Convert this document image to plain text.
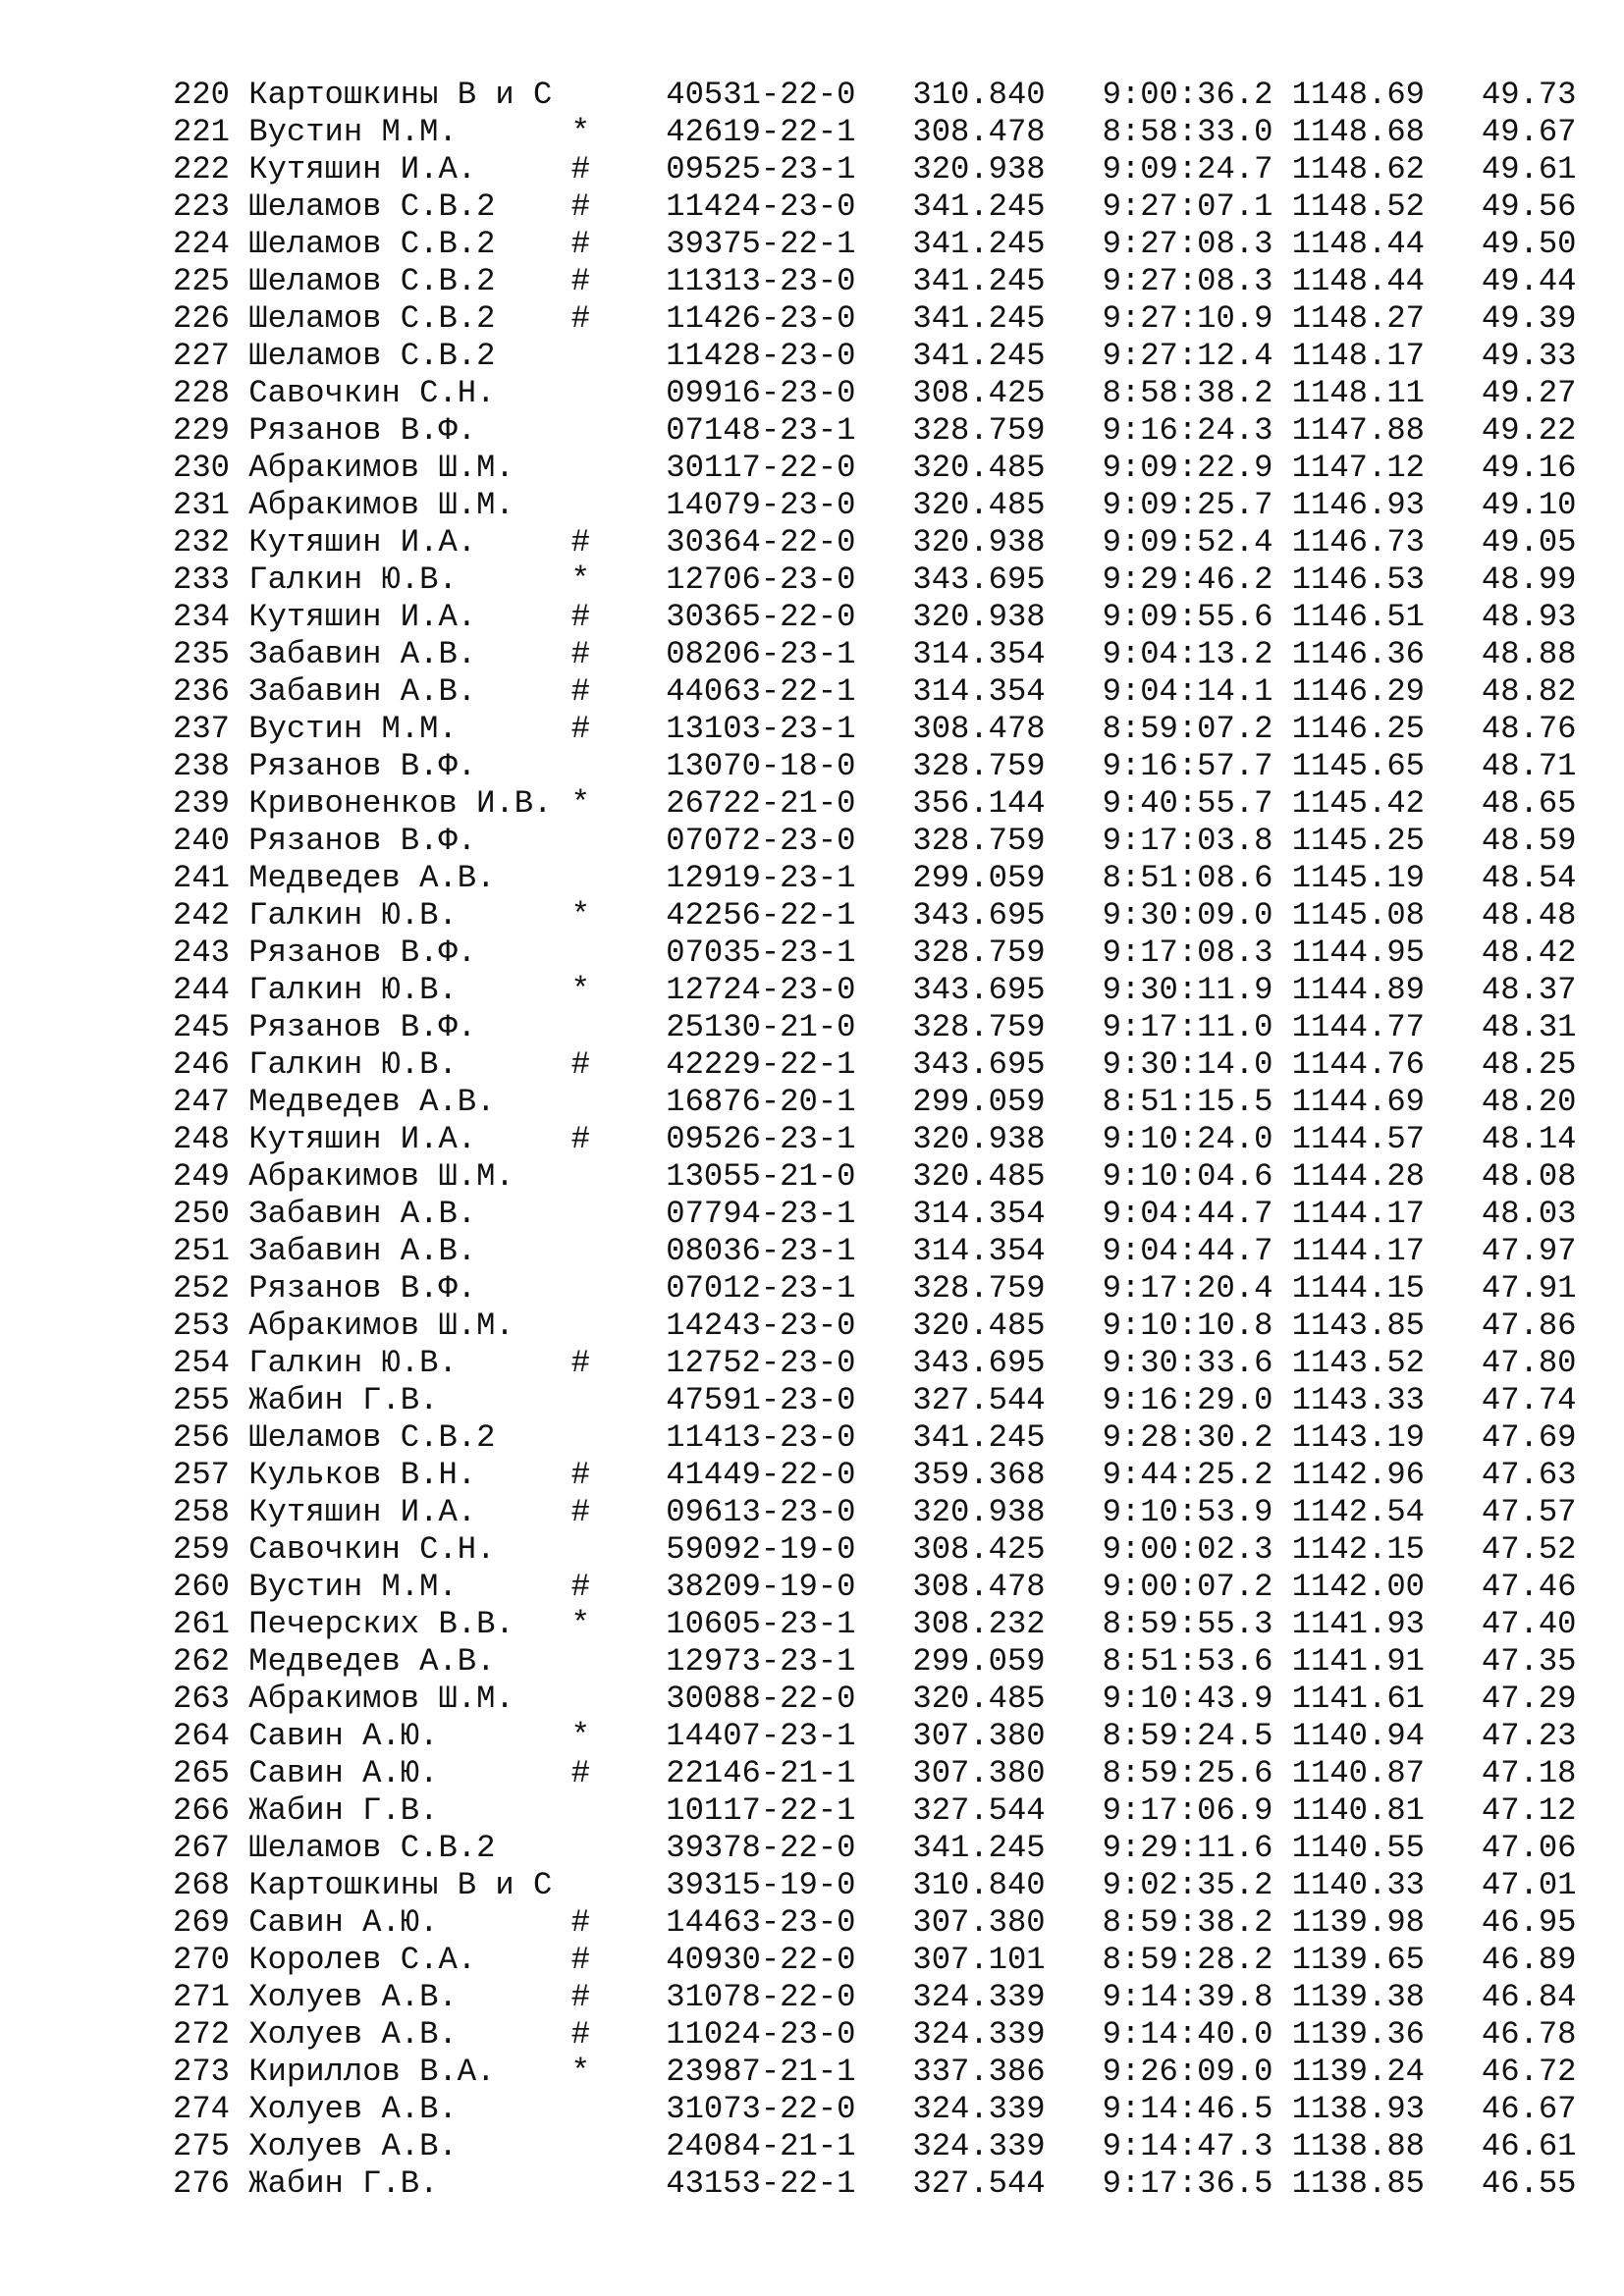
220 Картошкины В и С	40531-22-0 310.840 9:00:36.2 1148.69   49.73
221 Вустин М.М.      * 42619-22-1 308.478 8:58:33.0 1148.68   49.67
222 Кутяшин И.А.     # 09525-23-1 320.938 9:09:24.7 1148.62   49.61
223 Шеламов С.В.2    # 11424-23-0 341.245 9:27:07.1 1148.52   49.56
224 Шеламов С.В.2    # 39375-22-1 341.245 9:27:08.3 1148.44   49.50
225 Шеламов С.В.2    # 11313-23-0 341.245 9:27:08.3 1148.44   49.44
226 Шеламов С.В.2    # 11426-23-0 341.245 9:27:10.9 1148.27   49.39
227 Шеламов С.В.2	11428-23-0 341.245 9:27:12.4 1148.17   49.33
228 Савочкин С.Н.	09916-23-0 308.425 8:58:38.2 1148.11   49.27
229 Рязанов В.Ф.	07148-23-1 328.759 9:16:24.3 1147.88   49.22
230 Абракимов Ш.М.	30117-22-0 320.485 9:09:22.9 1147.12   49.16
231 Абракимов Ш.М.	14079-23-0 320.485 9:09:25.7 1146.93   49.10
232 Кутяшин И.А.     # 30364-22-0 320.938 9:09:52.4 1146.73   49.05
233 Галкин Ю.В.      * 12706-23-0 343.695 9:29:46.2 1146.53   48.99
234 Кутяшин И.А.     # 30365-22-0 320.938 9:09:55.6 1146.51   48.93
235 Забавин А.В.     # 08206-23-1 314.354 9:04:13.2 1146.36   48.88
236 Забавин А.В.     # 44063-22-1 314.354 9:04:14.1 1146.29   48.82
237 Вустин М.М.      # 13103-23-1 308.478 8:59:07.2 1146.25   48.76
238 Рязанов В.Ф.	13070-18-0 328.759 9:16:57.7 1145.65   48.71
239 Кривоненков И.В. * 26722-21-0 356.144 9:40:55.7 1145.42   48.65
240 Рязанов В.Ф.	07072-23-0 328.759 9:17:03.8 1145.25   48.59
241 Медведев А.В.	12919-23-1 299.059 8:51:08.6 1145.19   48.54
242 Галкин Ю.В.      * 42256-22-1 343.695 9:30:09.0 1145.08   48.48
243 Рязанов В.Ф.	07035-23-1 328.759 9:17:08.3 1144.95   48.42
244 Галкин Ю.В.      * 12724-23-0 343.695 9:30:11.9 1144.89   48.37
245 Рязанов В.Ф.	25130-21-0 328.759 9:17:11.0 1144.77   48.31
246 Галкин Ю.В.      # 42229-22-1 343.695 9:30:14.0 1144.76   48.25
247 Медведев А.В.	16876-20-1 299.059 8:51:15.5 1144.69   48.20
248 Кутяшин И.А.     # 09526-23-1 320.938 9:10:24.0 1144.57   48.14
249 Абракимов Ш.М.	13055-21-0 320.485 9:10:04.6 1144.28   48.08
250 Забавин А.В.	07794-23-1 314.354 9:04:44.7 1144.17   48.03
251 Забавин А.В.	08036-23-1 314.354 9:04:44.7 1144.17   47.97
252 Рязанов В.Ф.	07012-23-1 328.759 9:17:20.4 1144.15   47.91
253 Абракимов Ш.М.	14243-23-0 320.485 9:10:10.8 1143.85   47.86
254 Галкин Ю.В.      # 12752-23-0 343.695 9:30:33.6 1143.52   47.80
255 Жабин Г.В.	47591-23-0 327.544 9:16:29.0 1143.33   47.74
256 Шеламов С.В.2	11413-23-0 341.245 9:28:30.2 1143.19   47.69
257 Кульков В.Н.     # 41449-22-0 359.368 9:44:25.2 1142.96   47.63
258 Кутяшин И.А.     # 09613-23-0 320.938 9:10:53.9 1142.54   47.57
259 Савочкин С.Н.	59092-19-0 308.425 9:00:02.3 1142.15   47.52
260 Вустин М.М.      # 38209-19-0 308.478 9:00:07.2 1142.00   47.46
261 Печерских В.В.   * 10605-23-1 308.232 8:59:55.3 1141.93   47.40
262 Медведев А.В.	12973-23-1 299.059 8:51:53.6 1141.91   47.35
263 Абракимов Ш.М.	30088-22-0 320.485 9:10:43.9 1141.61   47.29
264 Савин А.Ю.       * 14407-23-1 307.380 8:59:24.5 1140.94   47.23
265 Савин А.Ю.       # 22146-21-1 307.380 8:59:25.6 1140.87   47.18
266 Жабин Г.В.	10117-22-1 327.544 9:17:06.9 1140.81   47.12
267 Шеламов С.В.2	39378-22-0 341.245 9:29:11.6 1140.55   47.06
268 Картошкины В и С	39315-19-0 310.840 9:02:35.2 1140.33   47.01
269 Савин А.Ю.       # 14463-23-0 307.380 8:59:38.2 1139.98   46.95
270 Королев С.А.     # 40930-22-0 307.101 8:59:28.2 1139.65   46.89
271 Холуев А.В.      # 31078-22-0 324.339 9:14:39.8 1139.38   46.84
272 Холуев А.В.      # 11024-23-0 324.339 9:14:40.0 1139.36   46.78
273 Кириллов В.А.    * 23987-21-1 337.386 9:26:09.0 1139.24   46.72
274 Холуев А.В.	31073-22-0 324.339 9:14:46.5 1138.93   46.67
275 Холуев А.В.	24084-21-1 324.339 9:14:47.3 1138.88   46.61
276 Жабин Г.В.	43153-22-1 327.544 9:17:36.5 1138.85   46.55
